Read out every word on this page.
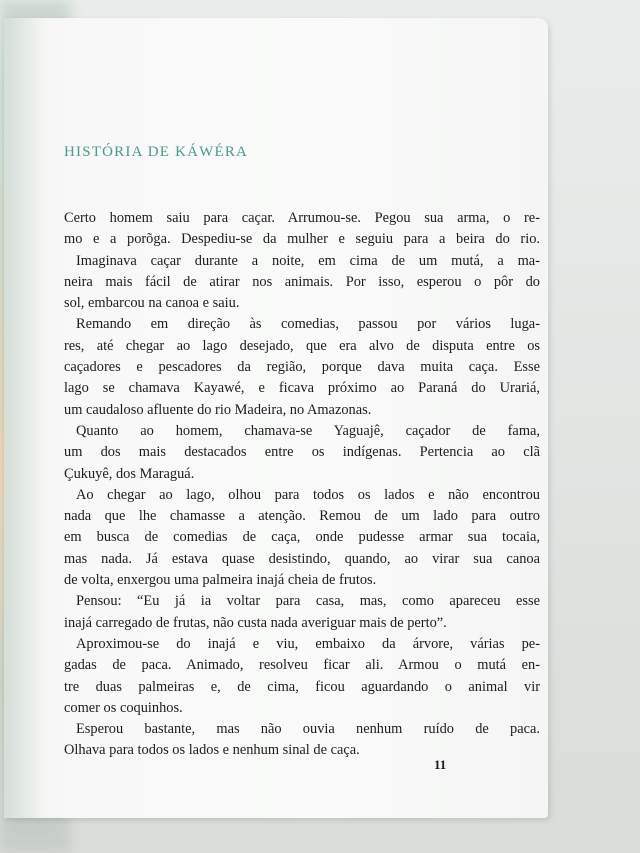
HISTÓRIA DE KÁWÉRA
Certo homem saiu para caçar. Arrumou-se. Pegou sua arma, o re-
mo e a porõga. Despediu-se da mulher e seguiu para a beira do rio.
Imaginava caçar durante a noite, em cima de um mutá, a ma-
neira mais fácil de atirar nos animais. Por isso, esperou o pôr do
sol, embarcou na canoa e saiu.
Remando em direção às comedias, passou por vários luga-
res, até chegar ao lago desejado, que era alvo de disputa entre os
caçadores e pescadores da região, porque dava muita caça. Esse
lago se chamava Kayawé, e ficava próximo ao Paraná do Urariá,
um caudaloso afluente do rio Madeira, no Amazonas.
Quanto ao homem, chamava-se Yaguajê, caçador de fama,
um dos mais destacados entre os indígenas. Pertencia ao clã
Çukuyê, dos Maraguá.
Ao chegar ao lago, olhou para todos os lados e não encontrou
nada que lhe chamasse a atenção. Remou de um lado para outro
em busca de comedias de caça, onde pudesse armar sua tocaia,
mas nada. Já estava quase desistindo, quando, ao virar sua canoa
de volta, enxergou uma palmeira inajá cheia de frutos.
Pensou: “Eu já ia voltar para casa, mas, como apareceu esse
inajá carregado de frutas, não custa nada averiguar mais de perto”.
Aproximou-se do inajá e viu, embaixo da árvore, várias pe-
gadas de paca. Animado, resolveu ficar ali. Armou o mutá en-
tre duas palmeiras e, de cima, ficou aguardando o animal vir
comer os coquinhos.
Esperou bastante, mas não ouvia nenhum ruído de paca.
Olhava para todos os lados e nenhum sinal de caça.
11
